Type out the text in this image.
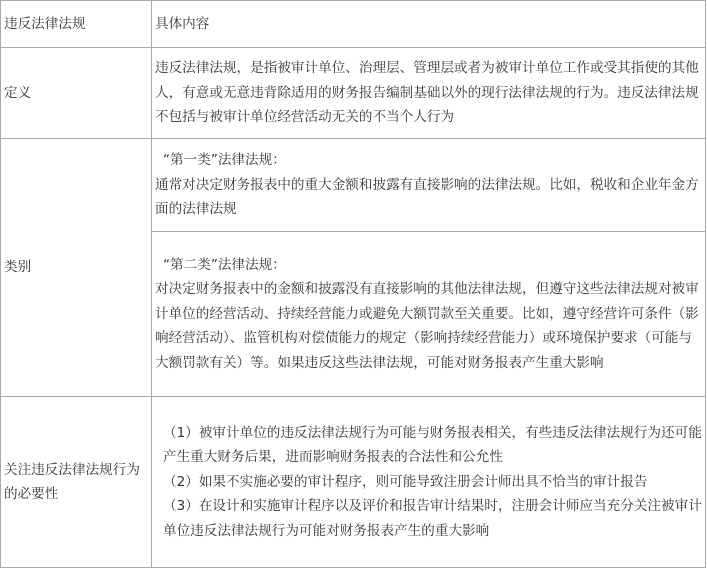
违反法律法规	具体内容
定义	违反法律法规，是指被审计单位、治理层、管理层或者为被审计单位工作或受其指使的其他人，有意或无意违背除适用的财务报告编制基础以外的现行法律法规的行为。违反法律法规不包括与被审计单位经营活动无关的不当个人行为
类别	“第一类”法律法规：
通常对决定财务报表中的重大金额和披露有直接影响的法律法规。比如，税收和企业年金方面的法律法规

	“第二类”法律法规：
对决定财务报表中的金额和披露没有直接影响的其他法律法规，但遵守这些法律法规对被审计单位的经营活动、持续经营能力或避免大额罚款至关重要。比如，遵守经营许可条件（影响经营活动）、监管机构对偿债能力的规定（影响持续经营能力）或环境保护要求（可能与大额罚款有关）等。如果违反这些法律法规，可能对财务报表产生重大影响

关注违反法律法规行为的必要性	（1）被审计单位的违反法律法规行为可能与财务报表相关，有些违反法律法规行为还可能产生重大财务后果，进而影响财务报表的合法性和公允性
（2）如果不实施必要的审计程序，则可能导致注册会计师出具不恰当的审计报告
（3）在设计和实施审计程序以及评价和报告审计结果时，注册会计师应当充分关注被审计单位违反法律法规行为可能对财务报表产生的重大影响
